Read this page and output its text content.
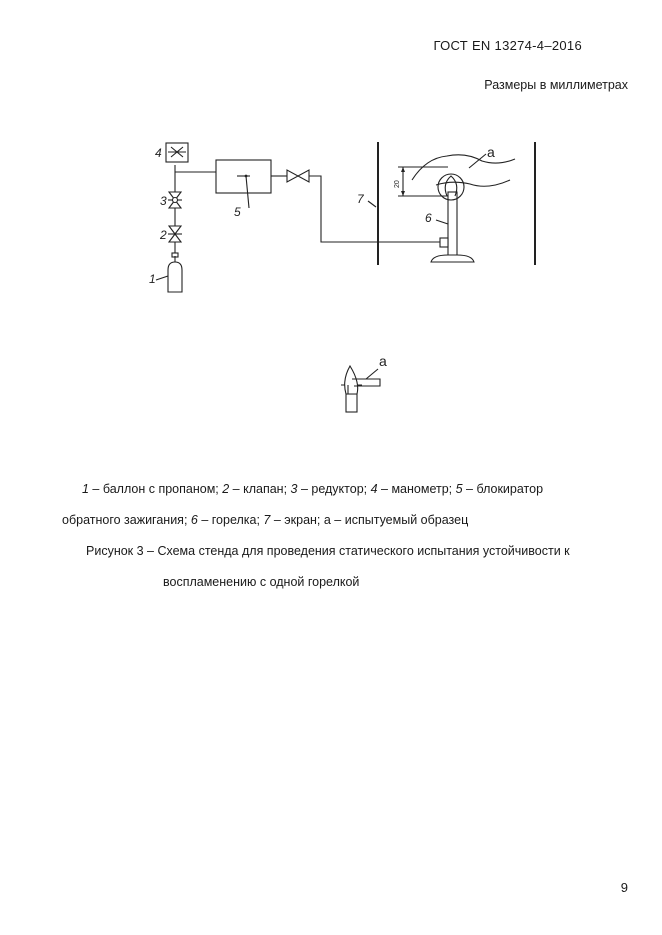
ГОСТ EN 13274-4–2016
Размеры в миллиметрах
1
2
3
4
5	6
7
a
20
a
1 – баллон с пропаном; 2 – клапан; 3 – редуктор; 4 – манометр; 5 – блокиратор
обратного зажигания; 6 – горелка; 7 – экран; а – испытуемый образец
Рисунок 3 – Схема стенда для проведения статического испытания устойчивости к
воспламенению с одной горелкой
9
